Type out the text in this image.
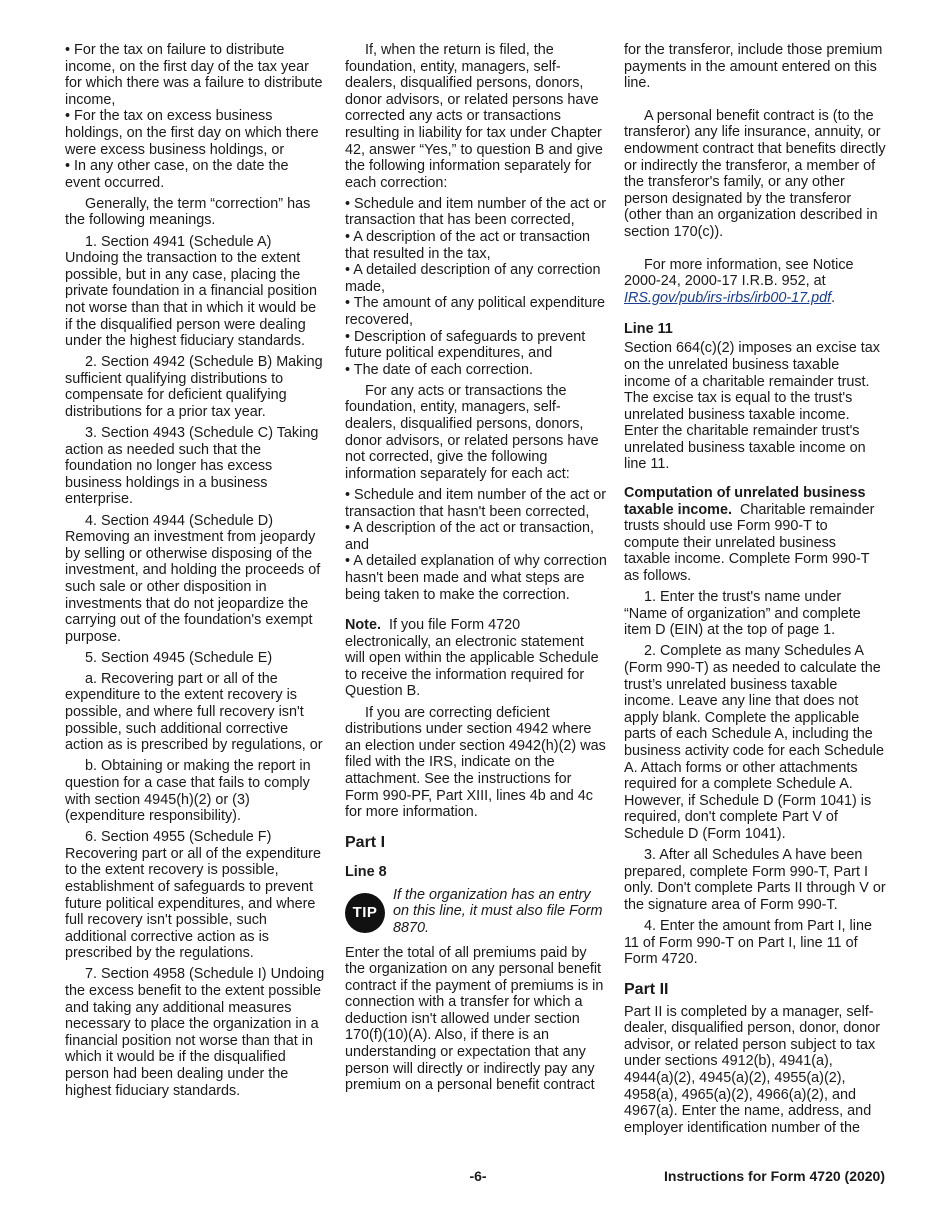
• For the tax on failure to distribute income, on the first day of the tax year for which there was a failure to distribute income,

• For the tax on excess business holdings, on the first day on which there were excess business holdings, or

• In any other case, on the date the event occurred.

Generally, the term “correction” has the following meanings.

1. Section 4941 (Schedule A) Undoing the transaction to the extent possible, but in any case, placing the private foundation in a financial position not worse than that in which it would be if the disqualified person were dealing under the highest fiduciary standards.

2. Section 4942 (Schedule B) Making sufficient qualifying distributions to compensate for deficient qualifying distributions for a prior tax year.

3. Section 4943 (Schedule C) Taking action as needed such that the foundation no longer has excess business holdings in a business enterprise.

4. Section 4944 (Schedule D) Removing an investment from jeopardy by selling or otherwise disposing of the investment, and holding the proceeds of such sale or other disposition in investments that do not jeopardize the carrying out of the foundation's exempt purpose.

5. Section 4945 (Schedule E)

a. Recovering part or all of the expenditure to the extent recovery is possible, and where full recovery isn't possible, such additional corrective action as is prescribed by regulations, or

b. Obtaining or making the report in question for a case that fails to comply with section 4945(h)(2) or (3) (expenditure responsibility).

6. Section 4955 (Schedule F) Recovering part or all of the expenditure to the extent recovery is possible, establishment of safeguards to prevent future political expenditures, and where full recovery isn't possible, such additional corrective action as is prescribed by the regulations.

7. Section 4958 (Schedule I) Undoing the excess benefit to the extent possible and taking any additional measures necessary to place the organization in a financial position not worse than that in which it would be if the disqualified person had been dealing under the highest fiduciary standards.

If, when the return is filed, the foundation, entity, managers, self-dealers, disqualified persons, donors, donor advisors, or related persons have corrected any acts or transactions resulting in liability for tax under Chapter 42, answer “Yes,” to question B and give the following information separately for each correction:

• Schedule and item number of the act or transaction that has been corrected,

• A description of the act or transaction that resulted in the tax,

• A detailed description of any correction made,

• The amount of any political expenditure recovered,

• Description of safeguards to prevent future political expenditures, and

• The date of each correction.

For any acts or transactions the foundation, entity, managers, self-dealers, disqualified persons, donors, donor advisors, or related persons have not corrected, give the following information separately for each act:

• Schedule and item number of the act or transaction that hasn't been corrected,

• A description of the act or transaction, and

• A detailed explanation of why correction hasn't been made and what steps are being taken to make the correction.

Note. If you file Form 4720 electronically, an electronic statement will open within the applicable Schedule to receive the information required for Question B.

If you are correcting deficient distributions under section 4942 where an election under section 4942(h)(2) was filed with the IRS, indicate on the attachment. See the instructions for Form 990-PF, Part XIII, lines 4b and 4c for more information.

Part I
Line 8
TIP
If the organization has an entry on this line, it must also file Form 8870.

Enter the total of all premiums paid by the organization on any personal benefit contract if the payment of premiums is in connection with a transfer for which a deduction isn't allowed under section 170(f)(10)(A). Also, if there is an understanding or expectation that any person will directly or indirectly pay any premium on a personal benefit contract

for the transferor, include those premium payments in the amount entered on this line.

A personal benefit contract is (to the transferor) any life insurance, annuity, or endowment contract that benefits directly or indirectly the transferor, a member of the transferor's family, or any other person designated by the transferor (other than an organization described in section 170(c)).

For more information, see Notice 2000-24, 2000-17 I.R.B. 952, at IRS.gov/pub/irs-irbs/irb00-17.pdf.

Line 11

Section 664(c)(2) imposes an excise tax on the unrelated business taxable income of a charitable remainder trust. The excise tax is equal to the trust's unrelated business taxable income. Enter the charitable remainder trust's unrelated business taxable income on line 11.

Computation of unrelated business taxable income. Charitable remainder trusts should use Form 990-T to compute their unrelated business taxable income. Complete Form 990-T as follows.

1. Enter the trust's name under “Name of organization” and complete item D (EIN) at the top of page 1.

2. Complete as many Schedules A (Form 990-T) as needed to calculate the trust’s unrelated business taxable income. Leave any line that does not apply blank. Complete the applicable parts of each Schedule A, including the business activity code for each Schedule A. Attach forms or other attachments required for a complete Schedule A. However, if Schedule D (Form 1041) is required, don't complete Part V of Schedule D (Form 1041).

3. After all Schedules A have been prepared, complete Form 990-T, Part I only. Don't complete Parts II through V or the signature area of Form 990-T.

4. Enter the amount from Part I, line 11 of Form 990-T on Part I, line 11 of Form 4720.

Part II

Part II is completed by a manager, self-dealer, disqualified person, donor, donor advisor, or related person subject to tax under sections 4912(b), 4941(a), 4944(a)(2), 4945(a)(2), 4955(a)(2), 4958(a), 4965(a)(2), 4966(a)(2), and 4967(a). Enter the name, address, and employer identification number of the

-6-	Instructions for Form 4720 (2020)
